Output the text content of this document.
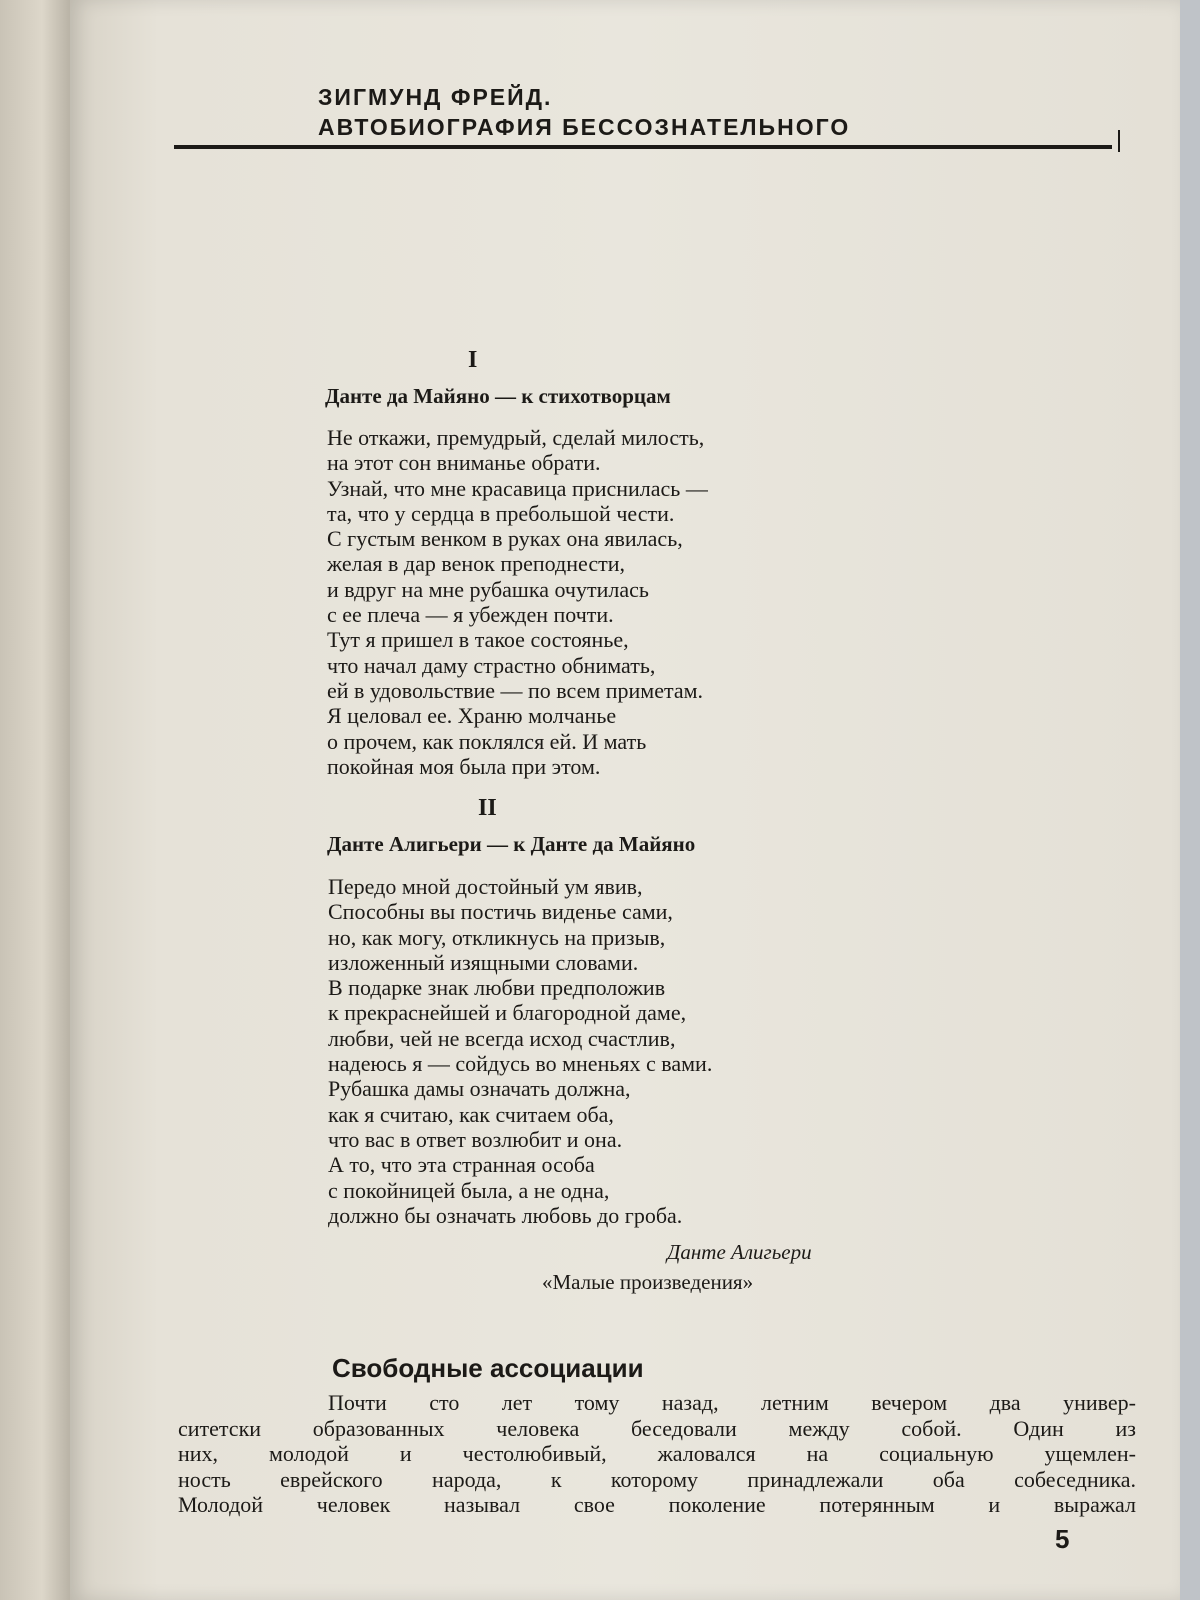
ЗИГМУНД ФРЕЙД.
АВТОБИОГРАФИЯ БЕССОЗНАТЕЛЬНОГО
I
Данте да Майяно — к стихотворцам
Не откажи, премудрый, сделай милость,
на этот сон вниманье обрати.
Узнай, что мне красавица приснилась —
та, что у сердца в пребольшой чести.
С густым венком в руках она явилась,
желая в дар венок преподнести,
и вдруг на мне рубашка очутилась
с ее плеча — я убежден почти.
Тут я пришел в такое состоянье,
что начал даму страстно обнимать,
ей в удовольствие — по всем приметам.
Я целовал ее. Храню молчанье
о прочем, как поклялся ей. И мать
покойная моя была при этом.
II
Данте Алигьери — к Данте да Майяно
Передо мной достойный ум явив,
Способны вы постичь виденье сами,
но, как могу, откликнусь на призыв,
изложенный изящными словами.
В подарке знак любви предположив
к прекраснейшей и благородной даме,
любви, чей не всегда исход счастлив,
надеюсь я — сойдусь во мненьях с вами.
Рубашка дамы означать должна,
как я считаю, как считаем оба,
что вас в ответ возлюбит и она.
А то, что эта странная особа
с покойницей была, а не одна,
должно бы означать любовь до гроба.
Данте Алигьери
«Малые произведения»
Свободные ассоциации
Почти сто лет тому назад, летним вечером два универ-
ситетски образованных человека беседовали между собой. Один из
них, молодой и честолюбивый, жаловался на социальную ущемлен-
ность еврейского народа, к которому принадлежали оба собеседника.
Молодой человек называл свое поколение потерянным и выражал
5
